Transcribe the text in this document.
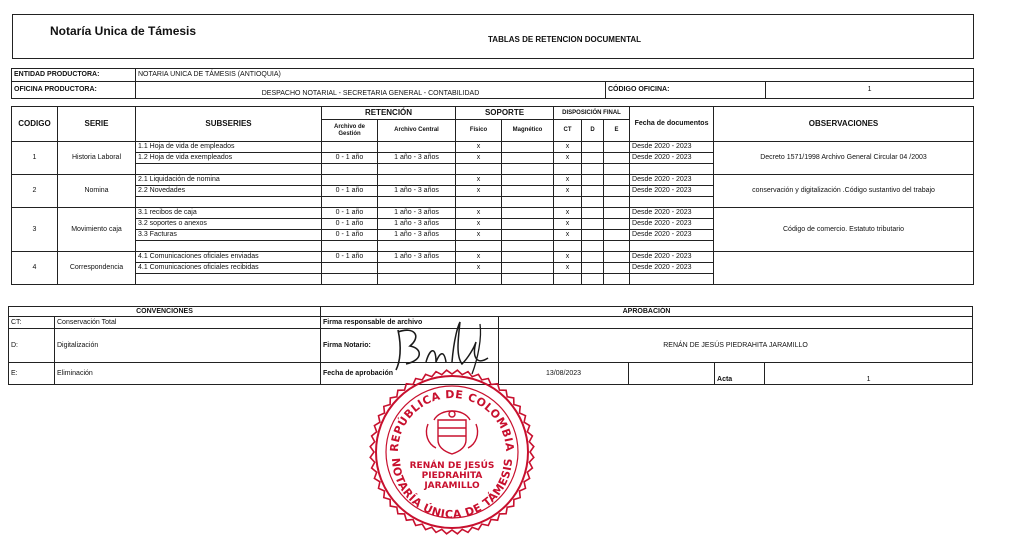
Notaría Unica de Támesis
TABLAS DE RETENCION DOCUMENTAL
ENTIDAD PRODUCTORA:	NOTARIA UNICA DE TÁMESIS (ANTIOQUIA)		
OFICINA PRODUCTORA:	DESPACHO NOTARIAL - SECRETARIA GENERAL - CONTABILIDAD	CÓDIGO OFICINA:	1
CODIGO	SERIE	SUBSERIES	RETENCIÓN		SOPORTE		DISPOSICIÓN FINAL			Fecha de documentos	OBSERVACIONES
			Archivo de Gestión	Archivo Central	Físico	Magnético	CT	D	E		
1	Historia Laboral	1.1 Hoja de vida de empleados			x		x			Desde 2020 - 2023	Decreto 1571/1998 Archivo General Circular 04 /2003
		1.2 Hoja de vida exempleados	0 - 1 año	1 año - 3 años	x		x			Desde 2020 - 2023	

2	Nomina	2.1 Liquidación de nomina			x		x			Desde 2020 - 2023	conservación y digitalización .Código sustantivo del trabajo
		2.2 Novedades	0 - 1 año	1 año - 3 años	x		x			Desde 2020 - 2023	

3	Movimiento caja	3.1 recibos de caja	0 - 1 año	1 año - 3 años	x		x			Desde 2020 - 2023	Código de comercio. Estatuto tributario
		3.2 soportes o anexos	0 - 1 año	1 año - 3 años	x		x			Desde 2020 - 2023	
		3.3 Facturas	0 - 1 año	1 año - 3 años	x		x			Desde 2020 - 2023	

4	Correspondencia	4.1 Comunicaciones oficiales enviadas	0 - 1 año	1 año - 3 años	x		x			Desde 2020 - 2023	
		4.1 Comunicaciones oficiales recibidas			x		x			Desde 2020 - 2023	

CONVENCIONES		APROBACIÓN				
CT:	Conservación Total	Firma responsable de archivo				
D:	Digitalización	Firma Notario:	RENÁN DE JESÚS PIEDRAHITA JARAMILLO			
E:	Eliminación	Fecha de aprobación	13/08/2023		Acta	1
REPÚBLICA DE COLOMBIA
NOTARÍA ÚNICA DE TÁMESIS
RENÁN DE JESÚS
PIEDRAHITA
JARAMILLO
